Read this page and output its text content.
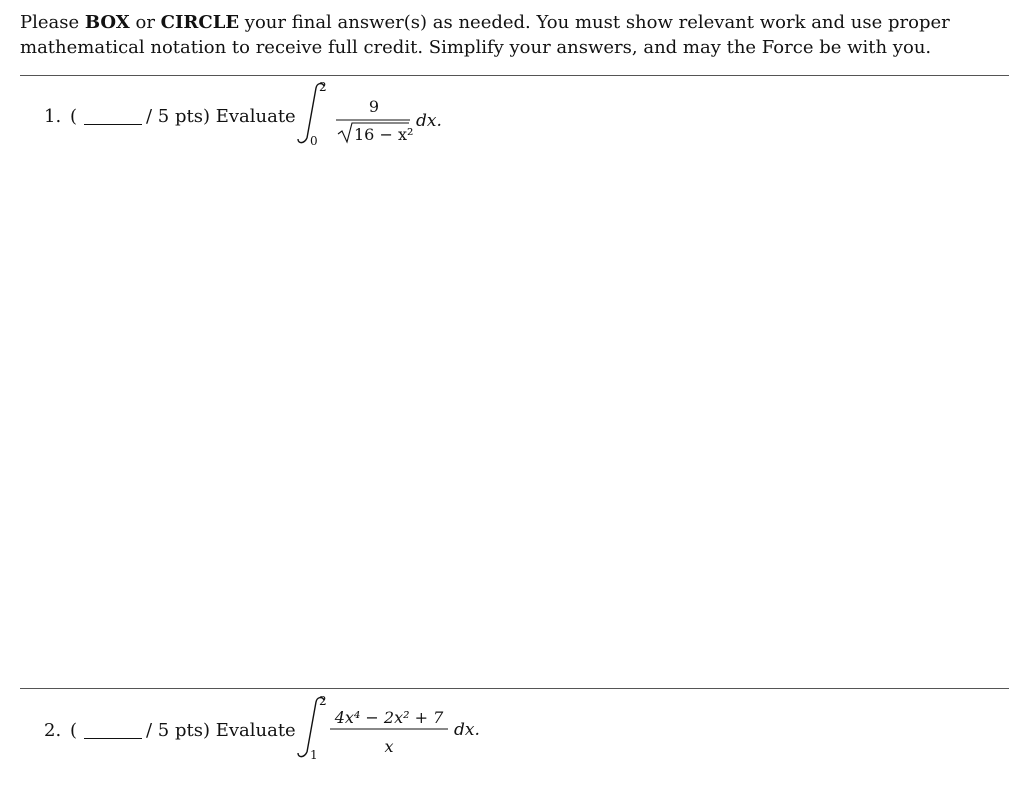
Please BOX or CIRCLE your final answer(s) as needed. You must show relevant work and use proper mathematical notation to receive full credit. Simplify your answers, and may the Force be with you.
1. (	/ 5 pts) Evaluate
2
0
9
16 − x²
dx.
2. (	/ 5 pts) Evaluate
2
1
4x⁴ − 2x² + 7
x
dx.
